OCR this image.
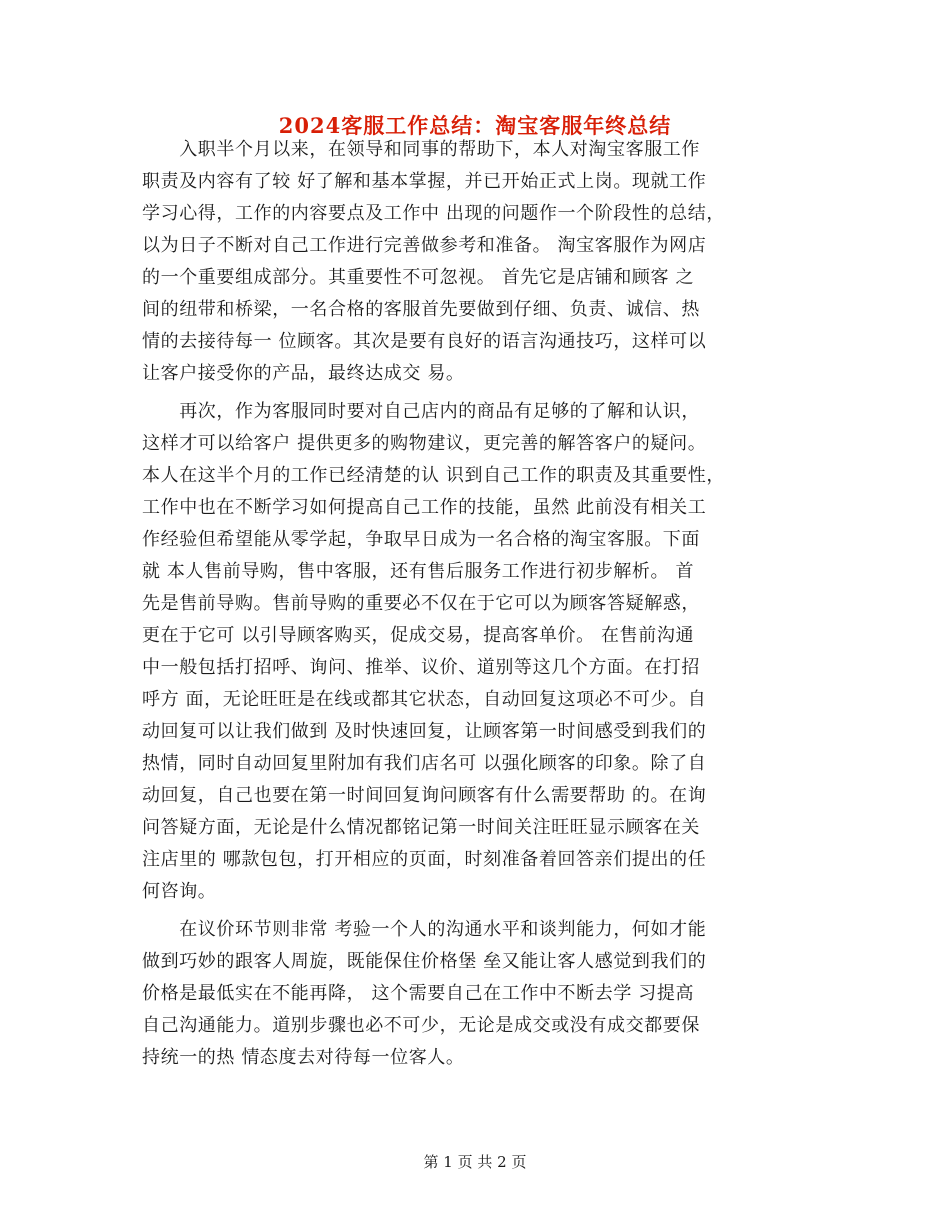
2024客服工作总结：淘宝客服年终总结
　　入职半个月以来，在领导和同事的帮助下，本人对淘宝客服工作
职责及内容有了较 好了解和基本掌握，并已开始正式上岗。现就工作
学习心得，工作的内容要点及工作中 出现的问题作一个阶段性的总结，
以为日子不断对自己工作进行完善做参考和准备。 淘宝客服作为网店
的一个重要组成部分。其重要性不可忽视。 首先它是店铺和顾客 之
间的纽带和桥梁，一名合格的客服首先要做到仔细、负责、诚信、热
情的去接待每一 位顾客。其次是要有良好的语言沟通技巧，这样可以
让客户接受你的产品，最终达成交 易。
　　再次，作为客服同时要对自己店内的商品有足够的了解和认识，
这样才可以给客户 提供更多的购物建议，更完善的解答客户的疑问。
本人在这半个月的工作已经清楚的认 识到自己工作的职责及其重要性，
工作中也在不断学习如何提高自己工作的技能，虽然 此前没有相关工
作经验但希望能从零学起，争取早日成为一名合格的淘宝客服。下面
就 本人售前导购，售中客服，还有售后服务工作进行初步解析。 首
先是售前导购。售前导购的重要必不仅在于它可以为顾客答疑解惑，
更在于它可 以引导顾客购买，促成交易，提高客单价。 在售前沟通
中一般包括打招呼、询问、推举、议价、道别等这几个方面。在打招
呼方 面，无论旺旺是在线或都其它状态，自动回复这项必不可少。自
动回复可以让我们做到 及时快速回复，让顾客第一时间感受到我们的
热情，同时自动回复里附加有我们店名可 以强化顾客的印象。除了自
动回复，自己也要在第一时间回复询问顾客有什么需要帮助 的。在询
问答疑方面，无论是什么情况都铭记第一时间关注旺旺显示顾客在关
注店里的 哪款包包，打开相应的页面，时刻准备着回答亲们提出的任
何咨询。
　　在议价环节则非常 考验一个人的沟通水平和谈判能力，何如才能
做到巧妙的跟客人周旋，既能保住价格堡 垒又能让客人感觉到我们的
价格是最低实在不能再降， 这个需要自己在工作中不断去学 习提高
自己沟通能力。道别步骤也必不可少，无论是成交或没有成交都要保
持统一的热 情态度去对待每一位客人。
第 1 页 共 2 页
